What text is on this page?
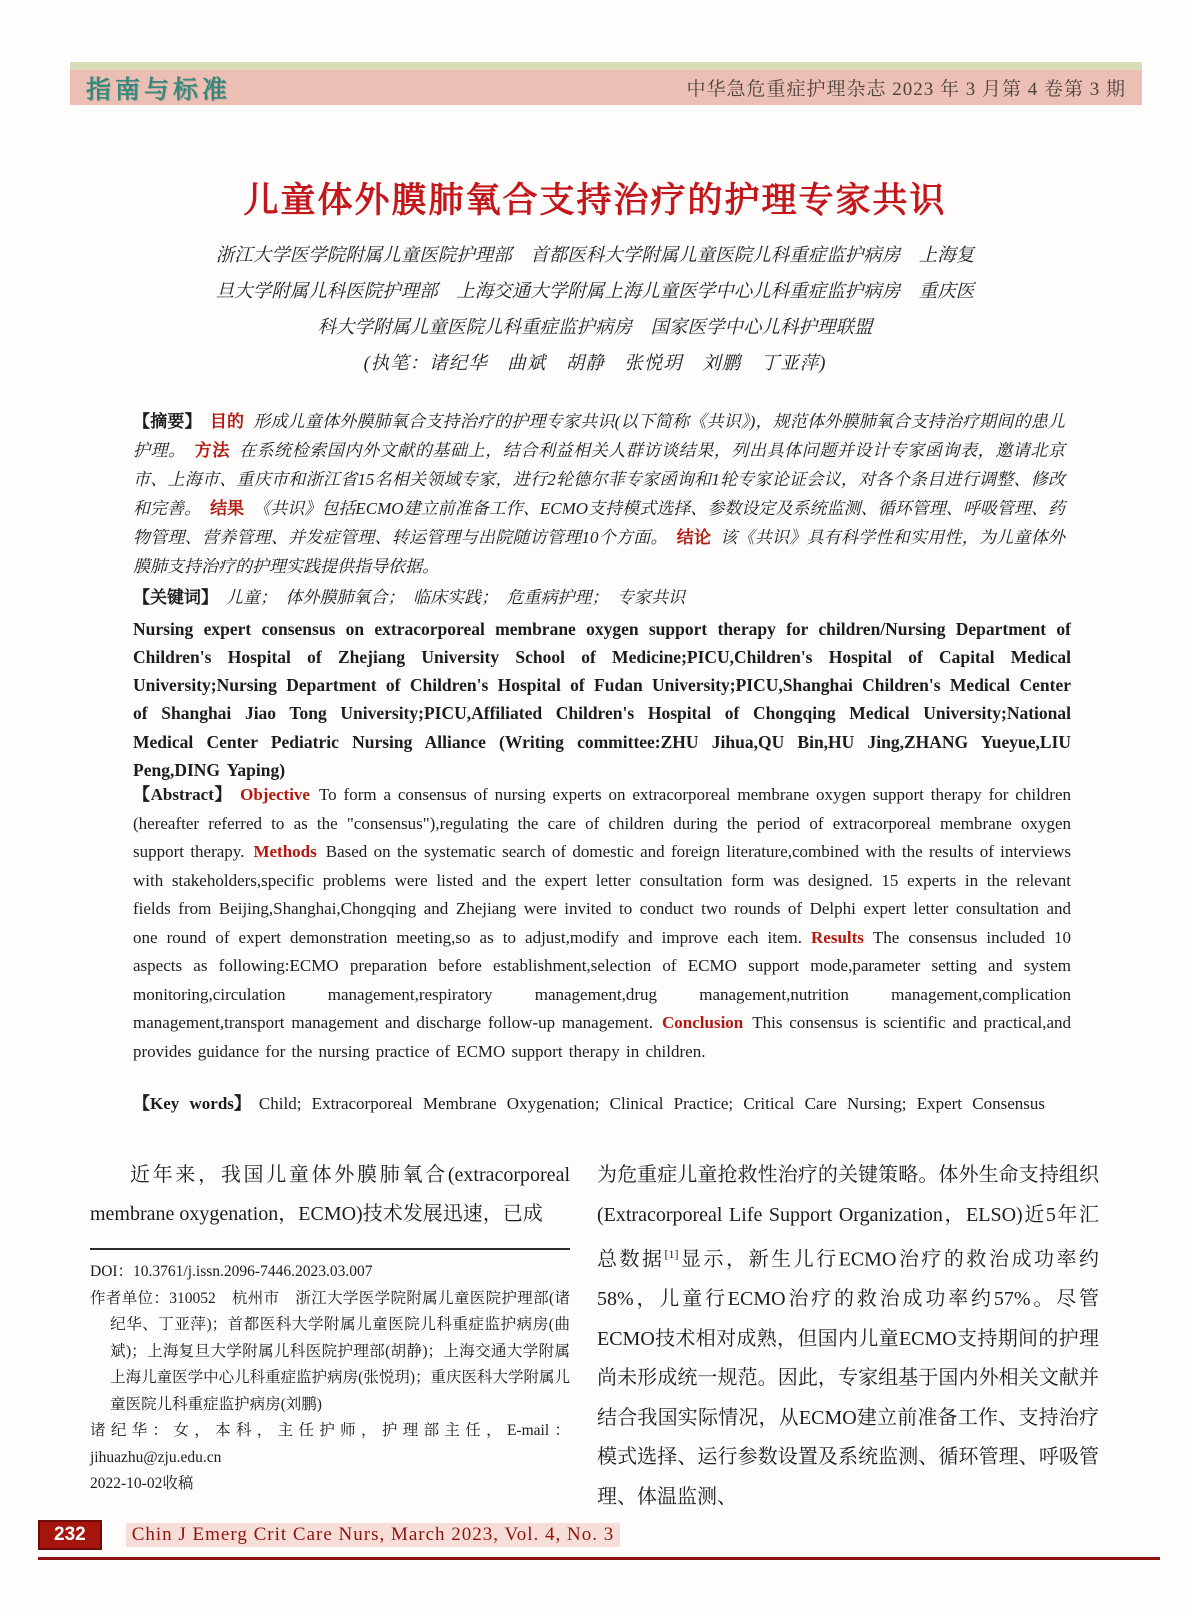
指南与标准	中华急危重症护理杂志 2023 年 3 月第 4 卷第 3 期
儿童体外膜肺氧合支持治疗的护理专家共识
浙江大学医学院附属儿童医院护理部　首都医科大学附属儿童医院儿科重症监护病房　上海复
旦大学附属儿科医院护理部　上海交通大学附属上海儿童医学中心儿科重症监护病房　重庆医
科大学附属儿童医院儿科重症监护病房　国家医学中心儿科护理联盟
(执笔：诸纪华　曲斌　胡静　张悦玥　刘鹏　丁亚萍)

【摘要】 目的 形成儿童体外膜肺氧合支持治疗的护理专家共识(以下简称《共识》)，规范体外膜肺氧合支持治疗期间的患儿护理。 方法 在系统检索国内外文献的基础上，结合利益相关人群访谈结果，列出具体问题并设计专家函询表，邀请北京市、上海市、重庆市和浙江省15名相关领域专家，进行2轮德尔菲专家函询和1轮专家论证会议，对各个条目进行调整、修改和完善。 结果 《共识》包括ECMO建立前准备工作、ECMO支持模式选择、参数设定及系统监测、循环管理、呼吸管理、药物管理、营养管理、并发症管理、转运管理与出院随访管理10个方面。 结论 该《共识》具有科学性和实用性，为儿童体外膜肺支持治疗的护理实践提供指导依据。

【关键词】 儿童；　体外膜肺氧合；　临床实践；　危重病护理；　专家共识

Nursing expert consensus on extracorporeal membrane oxygen support therapy for children/Nursing Department of Children's Hospital of Zhejiang University School of Medicine;PICU,Children's Hospital of Capital Medical University;Nursing Department of Children's Hospital of Fudan University;PICU,Shanghai Children's Medical Center of Shanghai Jiao Tong University;PICU,Affiliated Children's Hospital of Chongqing Medical University;National Medical Center Pediatric Nursing Alliance (Writing committee:ZHU Jihua,QU Bin,HU Jing,ZHANG Yueyue,LIU Peng,DING Yaping)

【Abstract】 Objective To form a consensus of nursing experts on extracorporeal membrane oxygen support therapy for children (hereafter referred to as the "consensus"),regulating the care of children during the period of extracorporeal membrane oxygen support therapy. Methods Based on the systematic search of domestic and foreign literature,combined with the results of interviews with stakeholders,specific problems were listed and the expert letter consultation form was designed. 15 experts in the relevant fields from Beijing,Shanghai,Chongqing and Zhejiang were invited to conduct two rounds of Delphi expert letter consultation and one round of expert demonstration meeting,so as to adjust,modify and improve each item. Results The consensus included 10 aspects as following:ECMO preparation before establishment,selection of ECMO support mode,parameter setting and system monitoring,circulation management,respiratory management,drug management,nutrition management,complication management,transport management and discharge follow-up management. Conclusion This consensus is scientific and practical,and provides guidance for the nursing practice of ECMO support therapy in children.

【Key words】 Child; Extracorporeal Membrane Oxygenation; Clinical Practice; Critical Care Nursing; Expert Consensus

近年来，我国儿童体外膜肺氧合(extracorporeal membrane oxygenation，ECMO)技术发展迅速，已成

DOI：10.3761/j.issn.2096-7446.2023.03.007

作者单位：310052　杭州市　浙江大学医学院附属儿童医院护理部(诸纪华、丁亚萍)；首都医科大学附属儿童医院儿科重症监护病房(曲斌)；上海复旦大学附属儿科医院护理部(胡静)；上海交通大学附属上海儿童医学中心儿科重症监护病房(张悦玥)；重庆医科大学附属儿童医院儿科重症监护病房(刘鹏)

诸纪华：女，本科，主任护师，护理部主任，E-mail：jihuazhu@zju.edu.cn

2022-10-02收稿

为危重症儿童抢救性治疗的关键策略。体外生命支持组织(Extracorporeal Life Support Organization，ELSO)近5年汇总数据[1]显示，新生儿行ECMO治疗的救治成功率约58%，儿童行ECMO治疗的救治成功率约57%。尽管ECMO技术相对成熟，但国内儿童ECMO支持期间的护理尚未形成统一规范。因此，专家组基于国内外相关文献并结合我国实际情况，从ECMO建立前准备工作、支持治疗模式选择、运行参数设置及系统监测、循环管理、呼吸管理、体温监测、

232	Chin J Emerg Crit Care Nurs, March 2023, Vol. 4, No. 3
